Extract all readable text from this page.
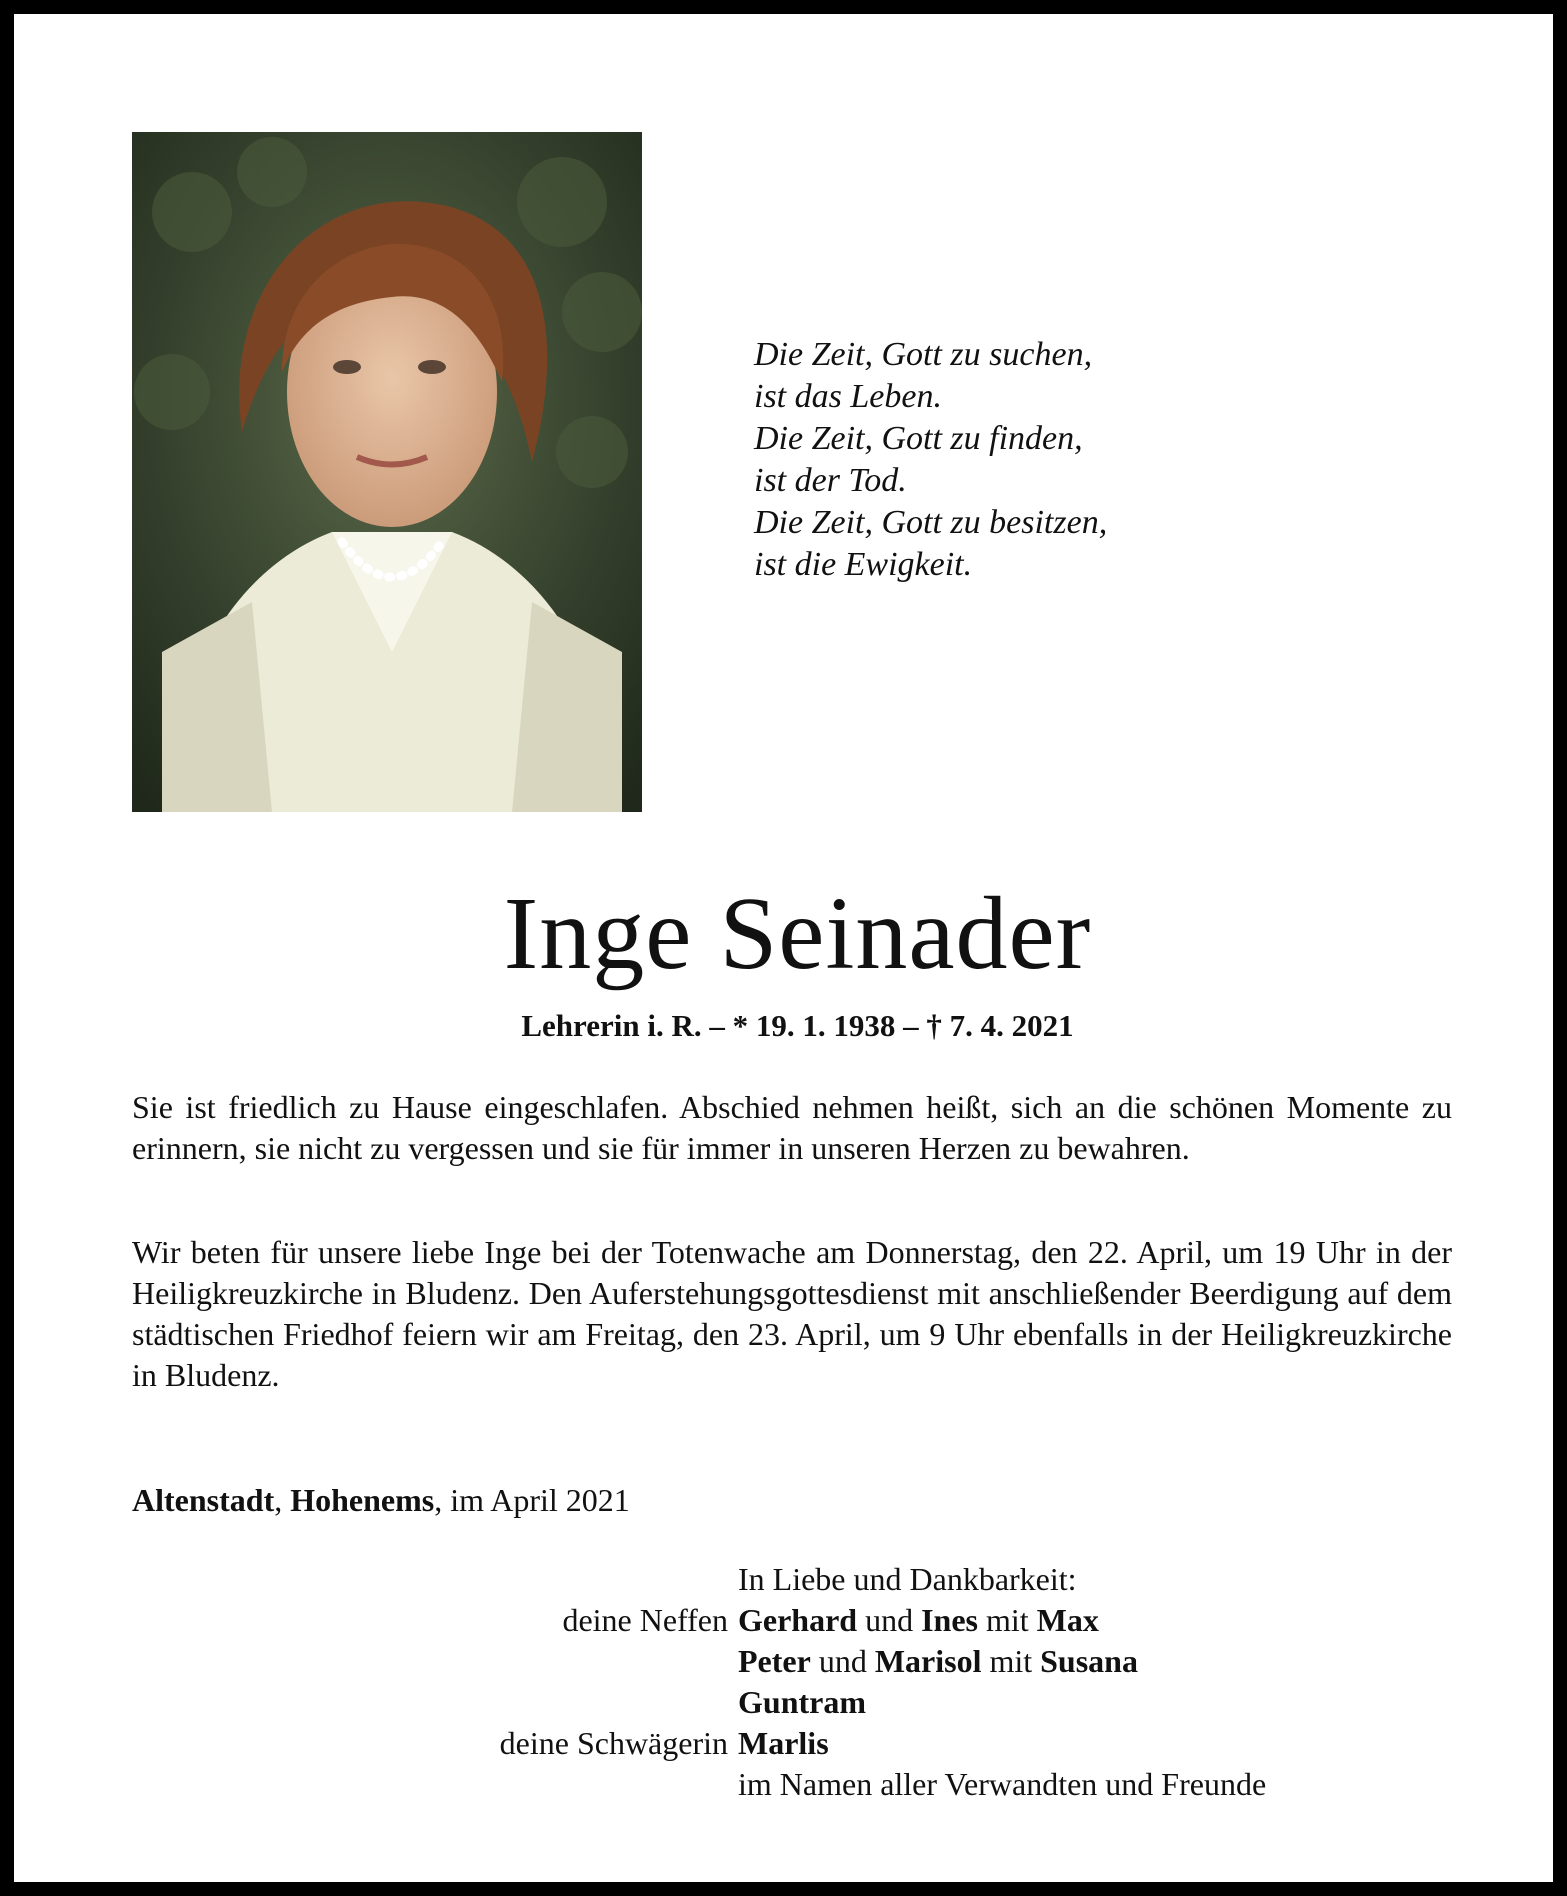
Die Zeit, Gott zu suchen,
ist das Leben.
Die Zeit, Gott zu finden,
ist der Tod.
Die Zeit, Gott zu besitzen,
ist die Ewigkeit.
Inge Seinader
Lehrerin i. R. – * 19. 1. 1938 – † 7. 4. 2021
Sie ist friedlich zu Hause eingeschlafen. Abschied nehmen heißt, sich an die schönen Momente zu erinnern, sie nicht zu vergessen und sie für immer in unseren Herzen zu bewahren.
Wir beten für unsere liebe Inge bei der Totenwache am Donnerstag, den 22. April, um 19 Uhr in der Heiligkreuzkirche in Bludenz. Den Auferstehungsgottesdienst mit anschließender Beerdigung auf dem städtischen Friedhof feiern wir am Freitag, den 23. April, um 9 Uhr ebenfalls in der Heiligkreuzkirche in Bludenz.
Altenstadt, Hohenems, im April 2021
In Liebe und Dankbarkeit:
deine Neffen Gerhard und Ines mit Max
Peter und Marisol mit Susana
Guntram
deine Schwägerin Marlis
im Namen aller Verwandten und Freunde
